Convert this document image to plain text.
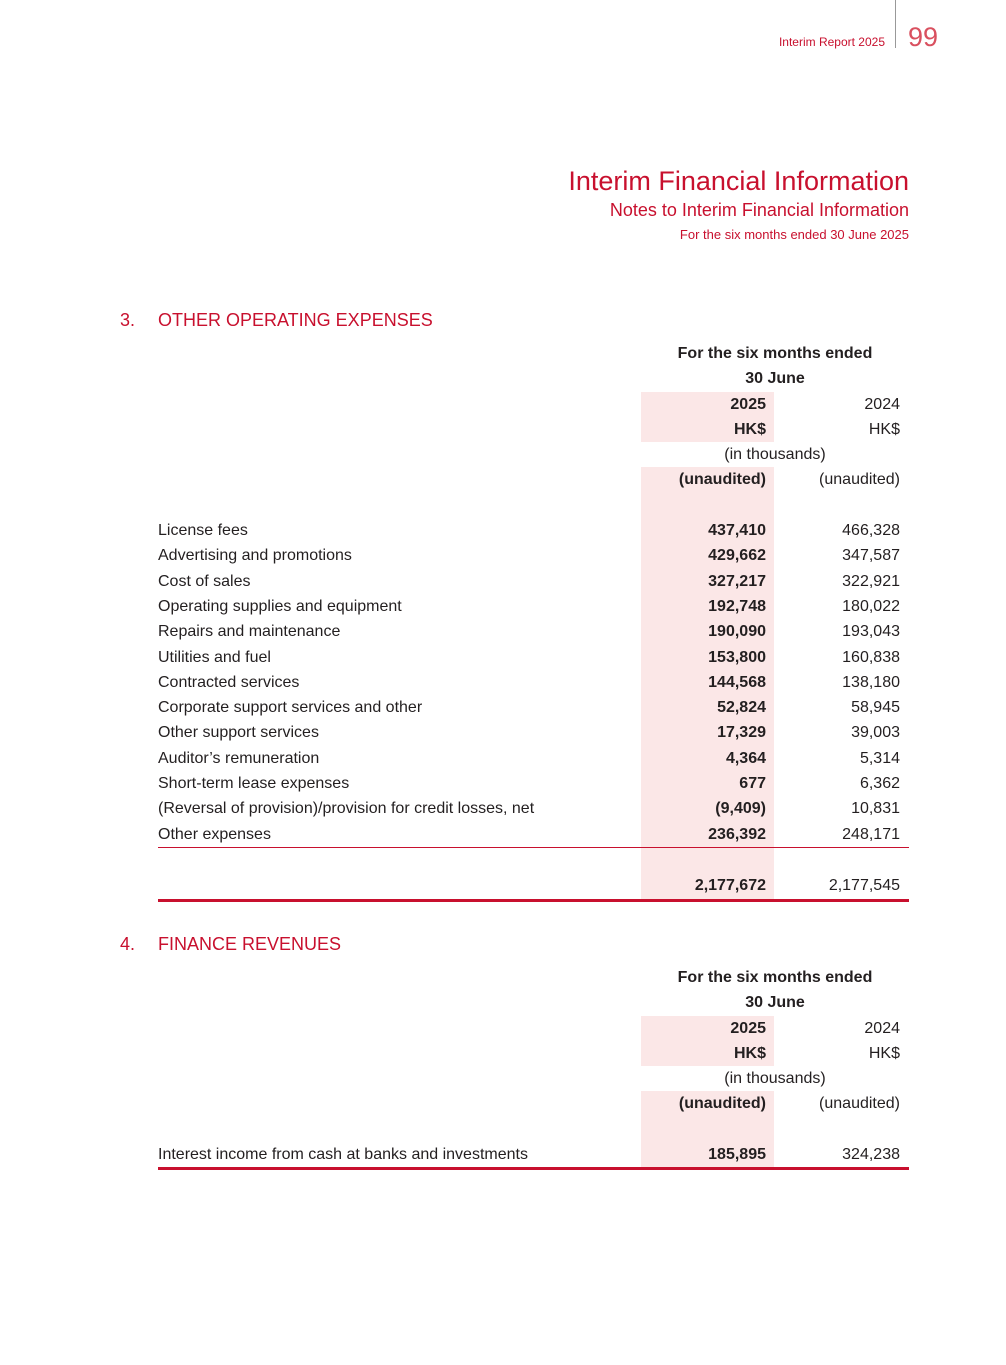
Interim Report 2025 99
Interim Financial Information
Notes to Interim Financial Information
For the six months ended 30 June 2025
3. OTHER OPERATING EXPENSES
For the six months ended
30 June
2025	2024
HK$	HK$
(in thousands)
(unaudited)	(unaudited)
License fees	437,410	466,328
Advertising and promotions	429,662	347,587
Cost of sales	327,217	322,921
Operating supplies and equipment	192,748	180,022
Repairs and maintenance	190,090	193,043
Utilities and fuel	153,800	160,838
Contracted services	144,568	138,180
Corporate support services and other	52,824	58,945
Other support services	17,329	39,003
Auditor’s remuneration	4,364	5,314
Short-term lease expenses	677	6,362
(Reversal of provision)/provision for credit losses, net	(9,409)	10,831
Other expenses	236,392	248,171
2,177,672	2,177,545
4. FINANCE REVENUES
For the six months ended
30 June
2025	2024
HK$	HK$
(in thousands)
(unaudited)	(unaudited)
Interest income from cash at banks and investments	185,895	324,238
